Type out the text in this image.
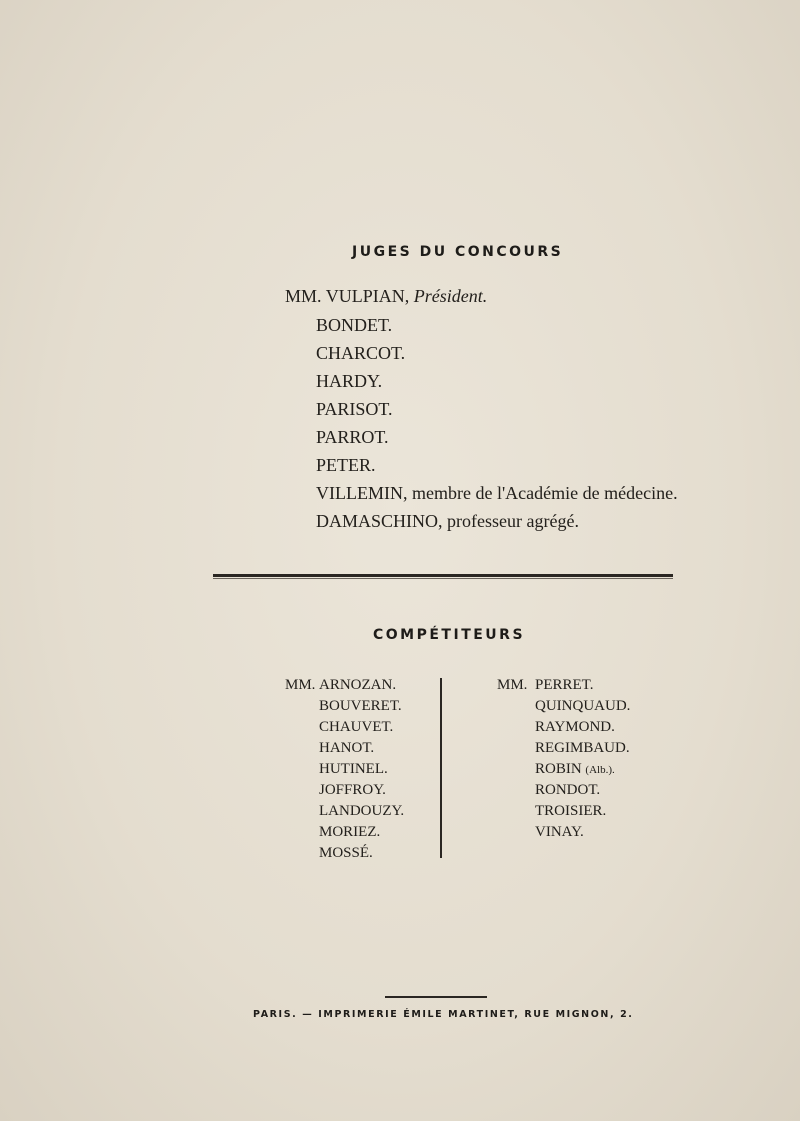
JUGES DU CONCOURS
MM. VULPIAN, Président.
BONDET.
CHARCOT.
HARDY.
PARISOT.
PARROT.
PETER.
VILLEMIN, membre de l'Académie de médecine.
DAMASCHINO, professeur agrégé.
COMPÉTITEURS
MM. ARNOZAN.
BOUVERET.
CHAUVET.
HANOT.
HUTINEL.
JOFFROY.
LANDOUZY.
MORIEZ.
MOSSÉ.
MM. PERRET.
QUINQUAUD.
RAYMOND.
REGIMBAUD.
ROBIN (Alb.).
RONDOT.
TROISIER.
VINAY.
PARIS. — IMPRIMERIE ÉMILE MARTINET, RUE MIGNON, 2.
